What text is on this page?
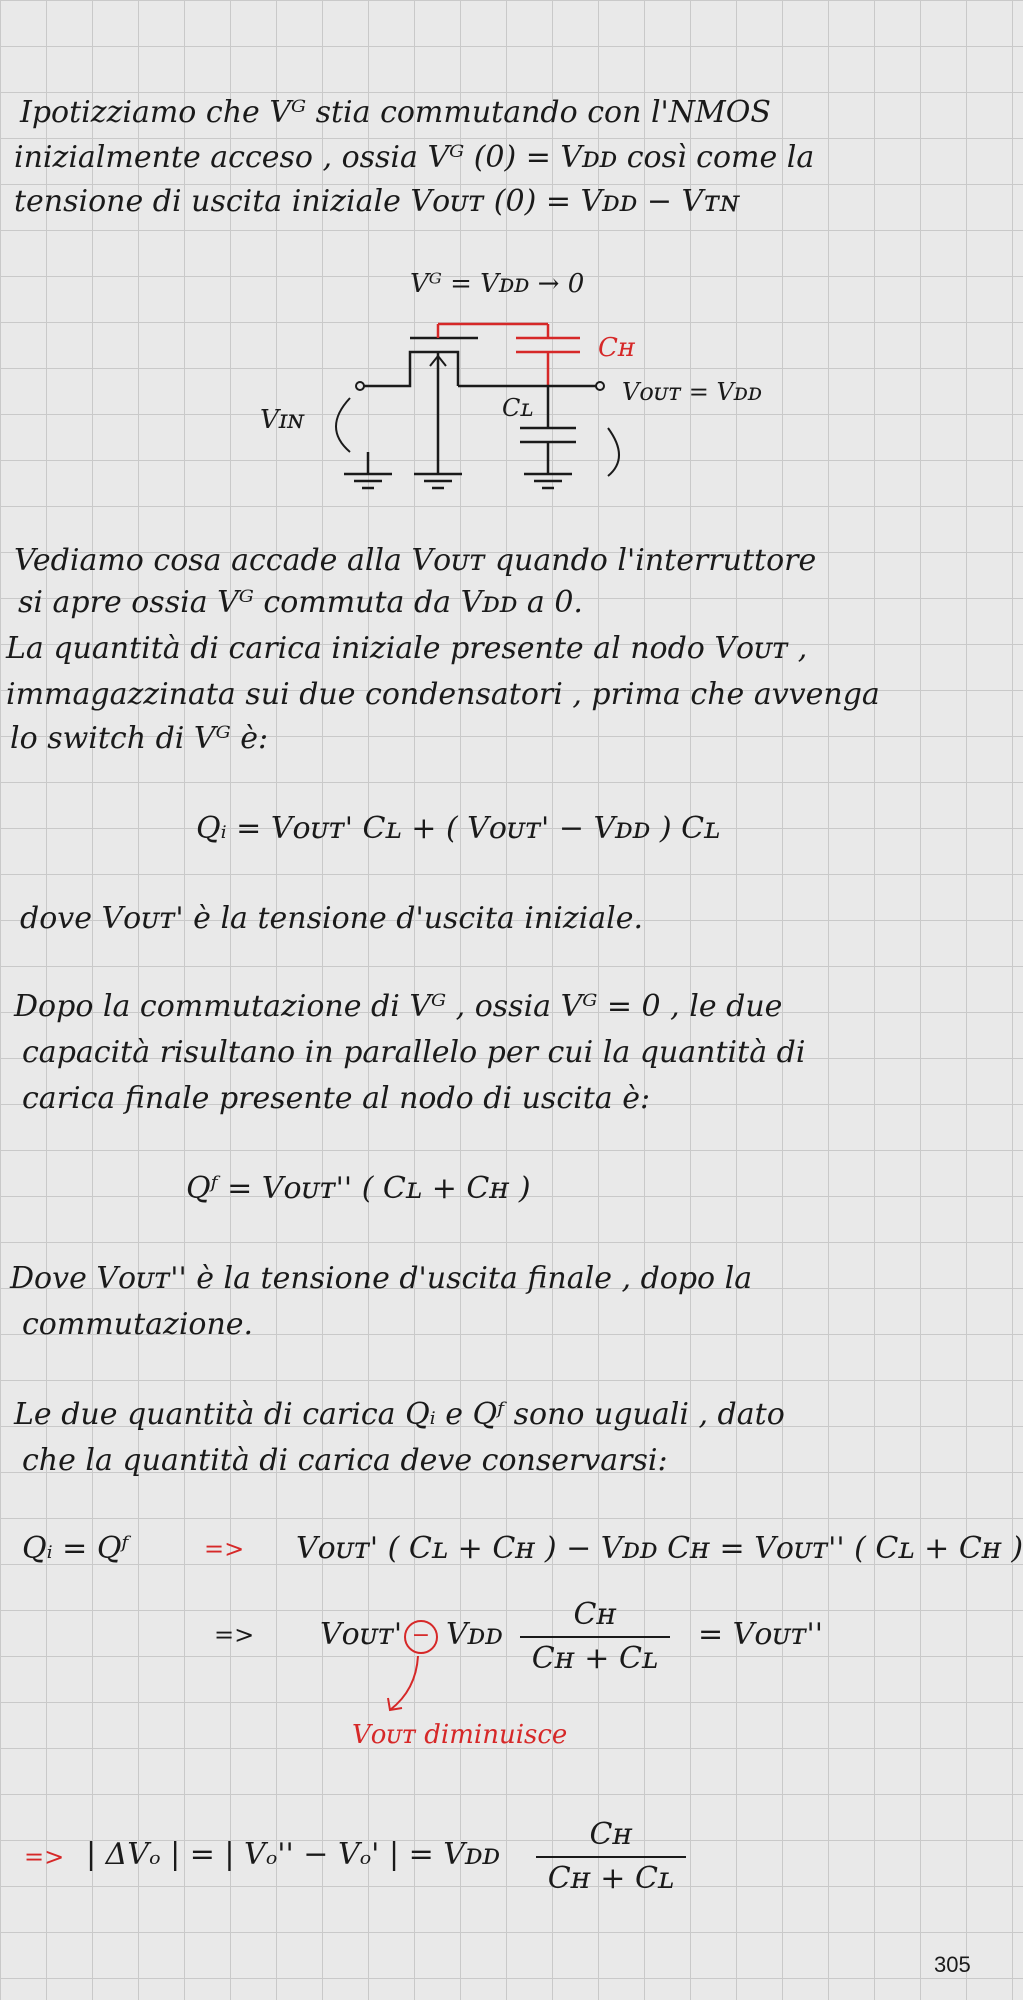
Ipotizziamo che Vᴳ stia commutando con l'NMOS
inizialmente acceso , ossia Vᴳ (0) = Vᴅᴅ così come la
tensione di uscita iniziale Vᴏᴜᴛ (0) = Vᴅᴅ − Vᴛɴ
Vᴳ = Vᴅᴅ → 0
Cʜ
Cʟ
Vɪɴ
Vᴏᴜᴛ = Vᴅᴅ
Vediamo cosa accade alla Vᴏᴜᴛ quando l'interruttore
si apre ossia Vᴳ commuta da Vᴅᴅ a 0.
La quantità di carica iniziale presente al nodo Vᴏᴜᴛ ,
immagazzinata sui due condensatori , prima che avvenga
lo switch di Vᴳ è:
Qᵢ = Vᴏᴜᴛ' Cʟ + ( Vᴏᴜᴛ' − Vᴅᴅ ) Cʟ
dove Vᴏᴜᴛ' è la tensione d'uscita iniziale.
Dopo la commutazione di Vᴳ , ossia Vᴳ = 0 , le due
capacità risultano in parallelo per cui la quantità di
carica finale presente al nodo di uscita è:
Qᶠ = Vᴏᴜᴛ'' ( Cʟ + Cʜ )
Dove Vᴏᴜᴛ'' è la tensione d'uscita finale , dopo la
commutazione.
Le due quantità di carica Qᵢ e Qᶠ sono uguali , dato
che la quantità di carica deve conservarsi:
Qᵢ = Qᶠ	=> Vᴏᴜᴛ' ( Cʟ + Cʜ ) − Vᴅᴅ Cʜ = Vᴏᴜᴛ'' ( Cʟ + Cʜ )
=> Vᴏᴜᴛ' − Vᴅᴅ $\frac{\text{Cʜ}}{\text{Cʜ + Cʟ}}$ = Vᴏᴜᴛ''
Vᴏᴜᴛ diminuisce
=> | ΔVₒ | = | Vₒ'' − Vₒ' | = Vᴅᴅ $\frac{\text{Cʜ}}{\text{Cʜ + Cʟ}}$
305
